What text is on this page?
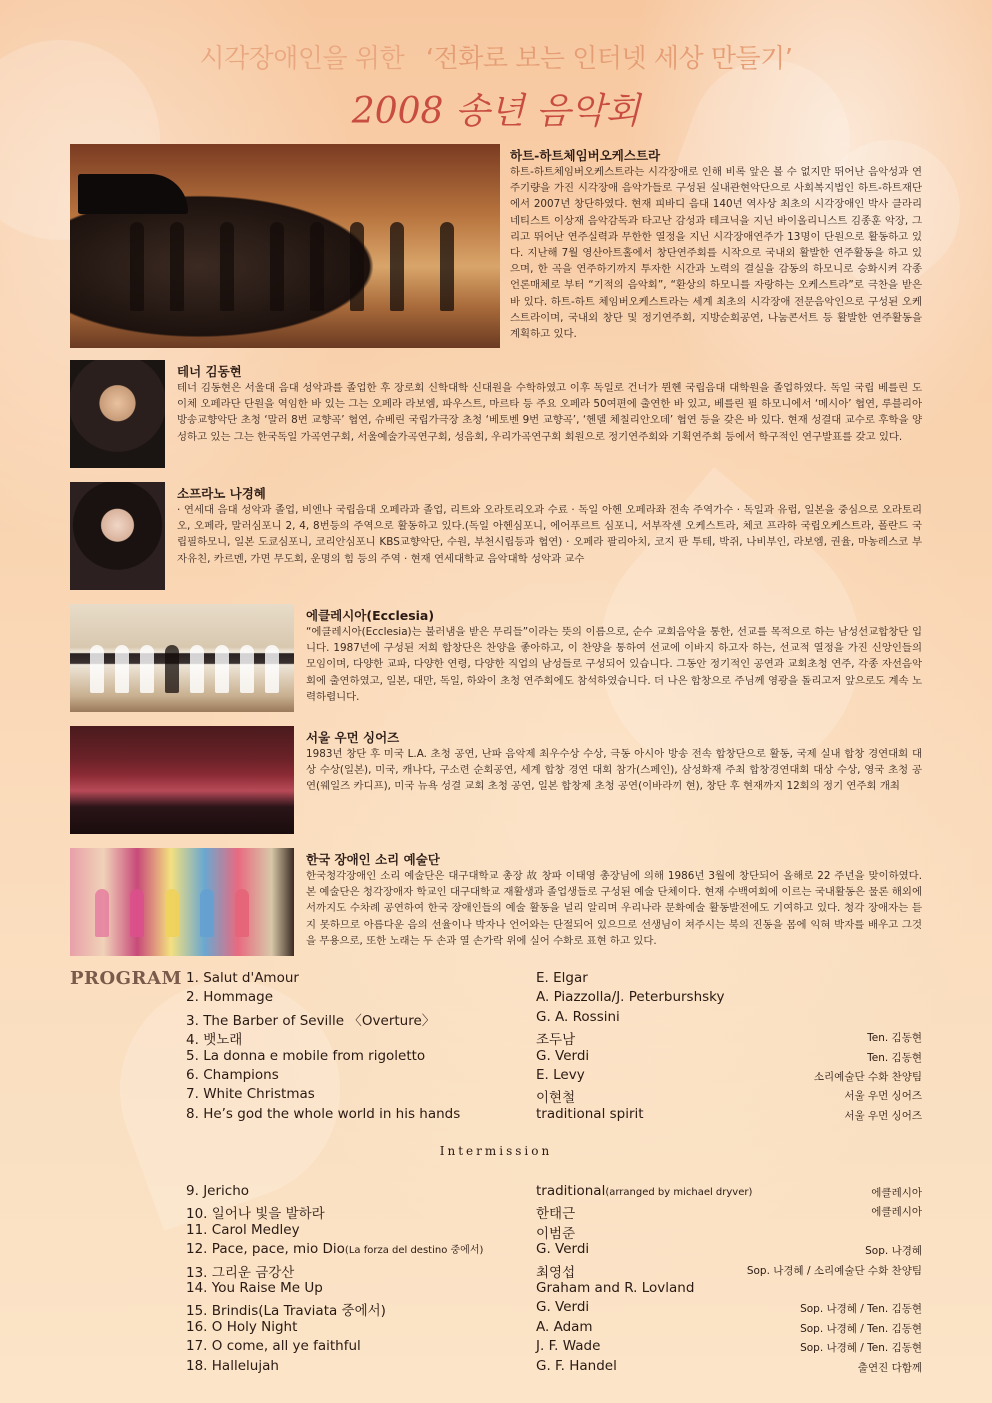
시각장애인을 위한 ‘전화로 보는 인터넷 세상 만들기’
2008 송년 음악회
하트-하트체임버오케스트라
하트-하트체임버오케스트라는 시각장애로 인해 비록 앞은 볼 수 없지만 뛰어난 음악성과 연주기량을 가진 시각장애 음악가들로 구성된 실내관현악단으로 사회복지법인 하트-하트재단에서 2007년 창단하였다. 현재 피바디 음대 140년 역사상 최초의 시각장애인 박사 클라리네티스트 이상재 음악감독과 타고난 감성과 테크닉을 지닌 바이올리니스트 김종훈 악장, 그리고 뛰어난 연주실력과 무한한 열정을 지닌 시각장애연주가 13명이 단원으로 활동하고 있다. 지난해 7월 영산아트홀에서 창단연주회를 시작으로 국내외 활발한 연주활동을 하고 있으며, 한 곡을 연주하기까지 투자한 시간과 노력의 결실을 감동의 하모니로 승화시켜 각종 언론매체로 부터 “기적의 음악회”, “환상의 하모니를 자랑하는 오케스트라”로 극찬을 받은 바 있다. 하트-하트 체임버오케스트라는 세계 최초의 시각장애 전문음악인으로 구성된 오케스트라이며, 국내외 창단 및 정기연주회, 지방순회공연, 나눔콘서트 등 활발한 연주활동을 계획하고 있다.
테너 김동현
테너 김동현은 서울대 음대 성악과를 졸업한 후 장로회 신학대학 신대원을 수학하였고 이후 독일로 건너가 뮌헨 국립음대 대학원을 졸업하였다. 독일 국립 베를린 도이체 오페라단 단원을 역임한 바 있는 그는 오페라 라보엠, 파우스트, 마르타 등 주요 오페라 50여편에 출연한 바 있고, 베를린 필 하모니에서 ‘메시아’ 협연, 루블리아 방송교향악단 초청 ‘말러 8번 교향곡’ 협연, 슈베린 국립가극장 초청 ‘베토벤 9번 교향곡’, ‘헨델 체칠리안오데’ 협연 등을 갖은 바 있다. 현재 성결대 교수로 후학을 양성하고 있는 그는 한국독일 가곡연구회, 서울예술가곡연구회, 성음회, 우리가곡연구회 회원으로 정기연주회와 기획연주회 등에서 학구적인 연구발표를 갖고 있다.
소프라노 나경혜
· 연세대 음대 성악과 졸업, 비엔나 국립음대 오페라과 졸업, 리트와 오라토리오과 수료 · 독일 아헨 오페라좌 전속 주역가수 · 독일과 유럽, 일본을 중심으로 오라토리오, 오페라, 말러심포니 2, 4, 8번등의 주역으로 활동하고 있다.(독일 아헨심포니, 에어푸르트 심포니, 서부작센 오케스트라, 체코 프라하 국립오케스트라, 폴란드 국립필하모니, 일본 도쿄심포니, 코리안심포니 KBS교향악단, 수원, 부천시립등과 협연) · 오페라 팔리아치, 코지 판 투테, 박쥐, 나비부인, 라보엠, 권율, 마농레스코 부자유친, 카르멘, 가면 무도회, 운명의 힘 등의 주역 · 현재 연세대학교 음악대학 성악과 교수
에클레시아(Ecclesia)
“에클레시아(Ecclesia)는 불러냄을 받은 무리들”이라는 뜻의 이름으로, 순수 교회음악을 통한, 선교를 목적으로 하는 남성선교합창단 입니다. 1987년에 구성된 저희 합창단은 찬양을 좋아하고, 이 찬양을 통하여 선교에 이바지 하고자 하는, 선교적 열정을 가진 신앙인들의 모임이며, 다양한 교파, 다양한 연령, 다양한 직업의 남성들로 구성되어 있습니다. 그동안 정기적인 공연과 교회초청 연주, 각종 자선음악회에 출연하였고, 일본, 대만, 독일, 하와이 초청 연주회에도 참석하였습니다. 더 나은 합창으로 주님께 영광을 돌리고저 앞으로도 계속 노력하렵니다.
서울 우먼 싱어즈
1983년 창단 후 미국 L.A. 초청 공연, 난파 음악제 최우수상 수상, 극동 아시아 방송 전속 합창단으로 활동, 국제 실내 합창 경연대회 대상 수상(일본), 미국, 캐나다, 구소련 순회공연, 세계 합창 경연 대회 참가(스페인), 삼성화재 주최 합창경연대회 대상 수상, 영국 초청 공연(웨일즈 카디프), 미국 뉴욕 성결 교회 초청 공연, 일본 합창제 초청 공연(이바라끼 현), 창단 후 현재까지 12회의 정기 연주회 개최
한국 장애인 소리 예술단
한국청각장애인 소리 예술단은 대구대학교 총장 故 창파 이태영 총장님에 의해 1986년 3월에 창단되어 올해로 22 주년을 맞이하였다. 본 예술단은 청각장애자 학교인 대구대학교 재활생과 졸업생들로 구성된 예술 단체이다. 현재 수백여회에 이르는 국내활동은 물론 해외에서까지도 수차례 공연하여 한국 장애인들의 예술 활동을 널리 알리며 우리나라 문화예술 활동발전에도 기여하고 있다. 청각 장애자는 듣지 못하므로 아름다운 음의 선율이나 박자나 언어와는 단절되어 있으므로 선생님이 쳐주시는 북의 진동을 몸에 익혀 박자를 배우고 그것을 무용으로, 또한 노래는 두 손과 열 손가락 위에 실어 수화로 표현 하고 있다.
PROGRAM 1. Salut d'Amour	E. Elgar
2. Hommage	A. Piazzolla/J. Peterburshsky
3. The Barber of Seville 〈Overture〉	G. A. Rossini
4. 뱃노래	조두남	Ten. 김동현
5. La donna e mobile from rigoletto	G. Verdi	Ten. 김동현
6. Champions	E. Levy	소리예술단 수화 찬양팀
7. White Christmas	이현철	서울 우먼 싱어즈
8. He’s god the whole world in his hands	traditional spirit	서울 우먼 싱어즈
Intermission
9. Jericho	traditional(arranged by michael dryver)	에클레시아
10. 일어나 빛을 발하라	한태근	에클레시아
11. Carol Medley	이범준
12. Pace, pace, mio Dio(La forza del destino 중에서)	G. Verdi	Sop. 나경혜
13. 그리운 금강산	최영섭	Sop. 나경혜 / 소리예술단 수화 찬양팀
14. You Raise Me Up	Graham and R. Lovland
15. Brindis(La Traviata 중에서)	G. Verdi	Sop. 나경혜 / Ten. 김동현
16. O Holy Night	A. Adam	Sop. 나경혜 / Ten. 김동현
17. O come, all ye faithful	J. F. Wade	Sop. 나경혜 / Ten. 김동현
18. Hallelujah	G. F. Handel	출연진 다함께
